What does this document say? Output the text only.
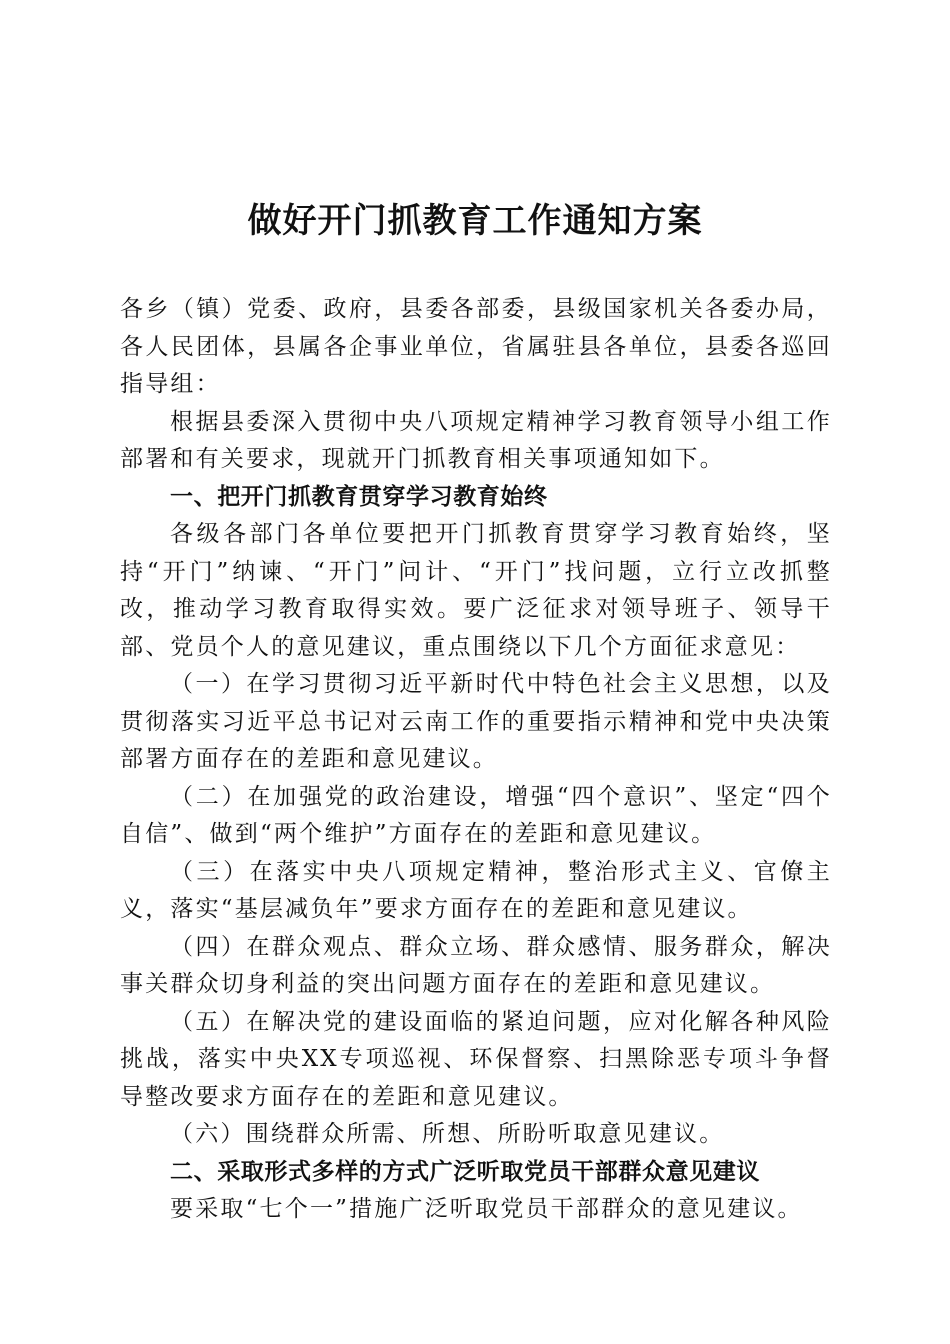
做好开门抓教育工作通知方案

各乡（镇）党委、政府，县委各部委，县级国家机关各委办局，各人民团体，县属各企事业单位，省属驻县各单位，县委各巡回指导组：

根据县委深入贯彻中央八项规定精神学习教育领导小组工作部署和有关要求，现就开门抓教育相关事项通知如下。

一、把开门抓教育贯穿学习教育始终

各级各部门各单位要把开门抓教育贯穿学习教育始终，坚持“开门”纳谏、“开门”问计、“开门”找问题，立行立改抓整改，推动学习教育取得实效。要广泛征求对领导班子、领导干部、党员个人的意见建议，重点围绕以下几个方面征求意见：

（一）在学习贯彻习近平新时代中特色社会主义思想，以及贯彻落实习近平总书记对云南工作的重要指示精神和党中央决策部署方面存在的差距和意见建议。

（二）在加强党的政治建设，增强“四个意识”、坚定“四个自信”、做到“两个维护”方面存在的差距和意见建议。

（三）在落实中央八项规定精神，整治形式主义、官僚主义，落实“基层减负年”要求方面存在的差距和意见建议。

（四）在群众观点、群众立场、群众感情、服务群众，解决事关群众切身利益的突出问题方面存在的差距和意见建议。

（五）在解决党的建设面临的紧迫问题，应对化解各种风险挑战，落实中央XX专项巡视、环保督察、扫黑除恶专项斗争督导整改要求方面存在的差距和意见建议。

（六）围绕群众所需、所想、所盼听取意见建议。

二、采取形式多样的方式广泛听取党员干部群众意见建议

要采取“七个一”措施广泛听取党员干部群众的意见建议。
